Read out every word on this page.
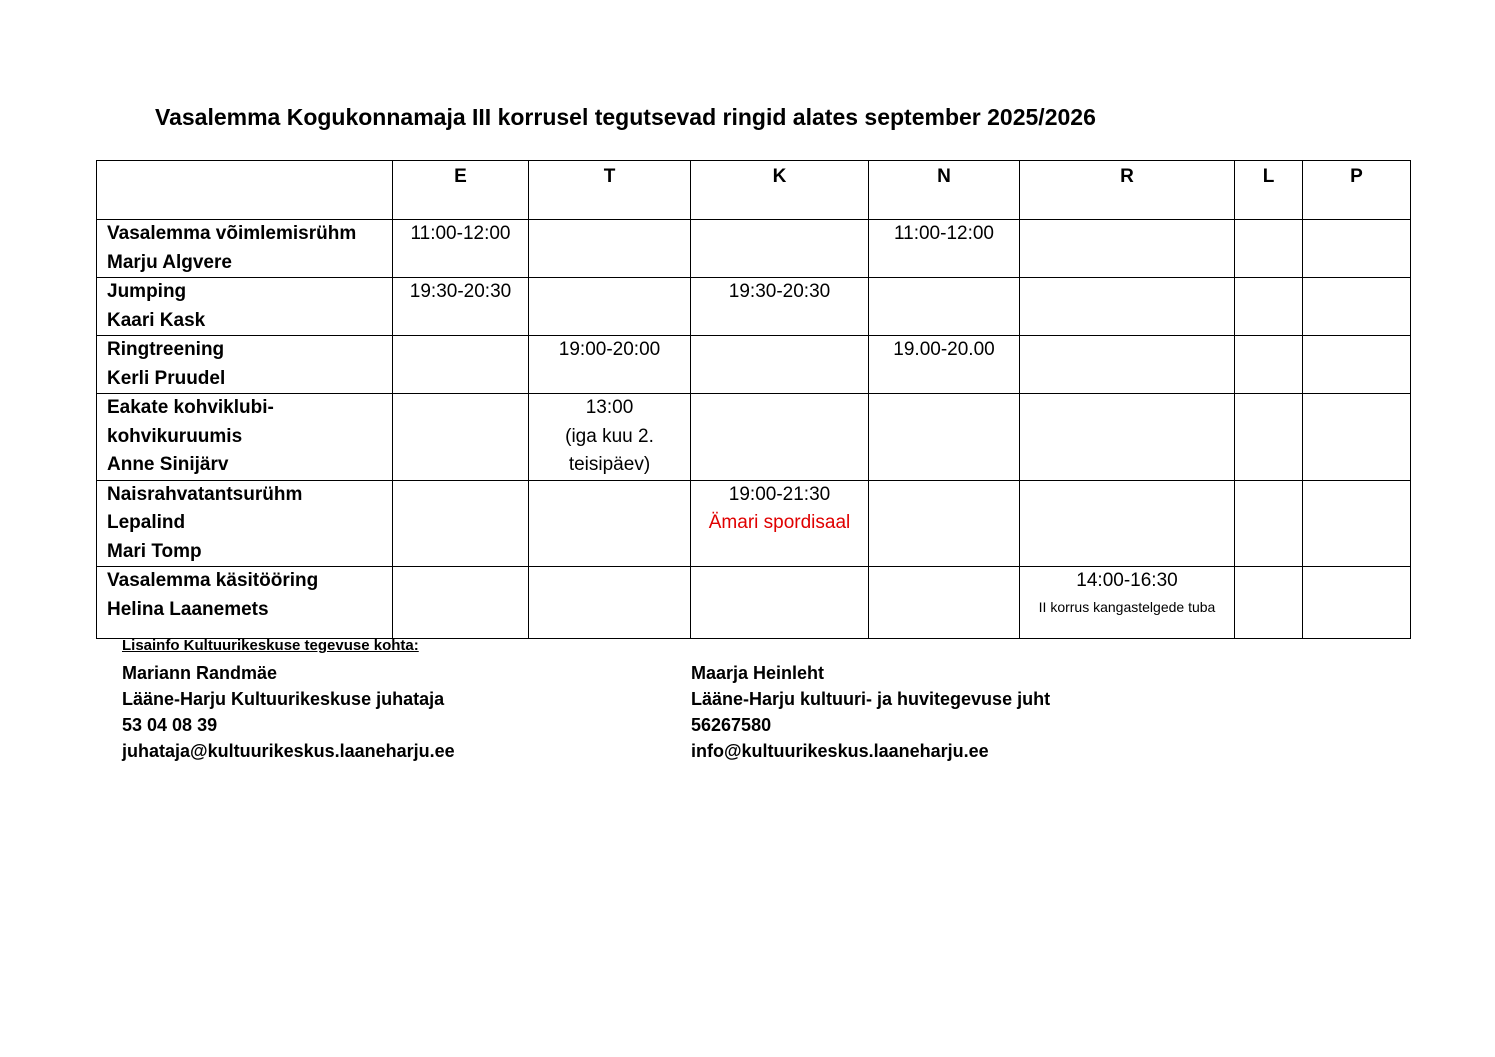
Vasalemma Kogukonnamaja III korrusel tegutsevad ringid alates september 2025/2026
	E	T	K	N	R	L	P

Vasalemma võimlemisrühm
Marju Algvere	11:00-12:00			11:00-12:00			

Jumping
Kaari Kask	19:30-20:30		19:30-20:30				

Ringtreening
Kerli Pruudel		19:00-20:00		19.00-20.00			

Eakate kohviklubi-
kohvikuruumis
Anne Sinijärv		13:00
(iga kuu 2.
teisipäev)					

Naisrahvatantsurühm
Lepalind
Mari Tomp			19:00-21:30
Ämari spordisaal				

Vasalemma käsitööring
Helina Laanemets					14:00-16:30
II korrus kangastelgede tuba		

Lisainfo Kultuurikeskuse tegevuse kohta:
Mariann Randmäe
Lääne-Harju Kultuurikeskuse juhataja
53 04 08 39
juhataja@kultuurikeskus.laaneharju.ee
Maarja Heinleht
Lääne-Harju kultuuri- ja huvitegevuse juht
56267580
info@kultuurikeskus.laaneharju.ee
